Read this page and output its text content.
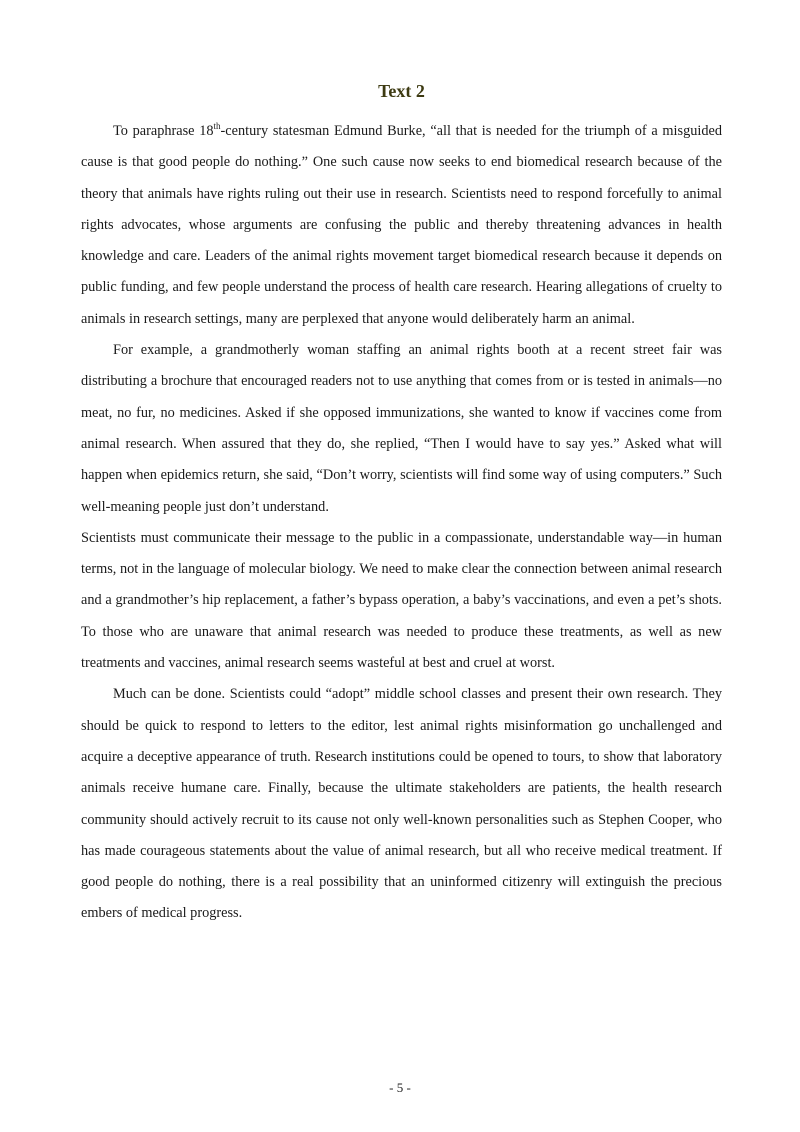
Text 2

To paraphrase 18th-century statesman Edmund Burke, “all that is needed for the triumph of a misguided cause is that good people do nothing.” One such cause now seeks to end biomedical research because of the theory that animals have rights ruling out their use in research. Scientists need to respond forcefully to animal rights advocates, whose arguments are confusing the public and thereby threatening advances in health knowledge and care. Leaders of the animal rights movement target biomedical research because it depends on public funding, and few people understand the process of health care research. Hearing allegations of cruelty to animals in research settings, many are perplexed that anyone would deliberately harm an animal.

For example, a grandmotherly woman staffing an animal rights booth at a recent street fair was distributing a brochure that encouraged readers not to use anything that comes from or is tested in animals—no meat, no fur, no medicines. Asked if she opposed immunizations, she wanted to know if vaccines come from animal research. When assured that they do, she replied, “Then I would have to say yes.” Asked what will happen when epidemics return, she said, “Don’t worry, scientists will find some way of using computers.” Such well-meaning people just don’t understand.

Scientists must communicate their message to the public in a compassionate, understandable way—in human terms, not in the language of molecular biology. We need to make clear the connection between animal research and a grandmother’s hip replacement, a father’s bypass operation, a baby’s vaccinations, and even a pet’s shots. To those who are unaware that animal research was needed to produce these treatments, as well as new treatments and vaccines, animal research seems wasteful at best and cruel at worst.

Much can be done. Scientists could “adopt” middle school classes and present their own research. They should be quick to respond to letters to the editor, lest animal rights misinformation go unchallenged and acquire a deceptive appearance of truth. Research institutions could be opened to tours, to show that laboratory animals receive humane care. Finally, because the ultimate stakeholders are patients, the health research community should actively recruit to its cause not only well-known personalities such as Stephen Cooper, who has made courageous statements about the value of animal research, but all who receive medical treatment. If good people do nothing, there is a real possibility that an uninformed citizenry will extinguish the precious embers of medical progress.

- 5 -
